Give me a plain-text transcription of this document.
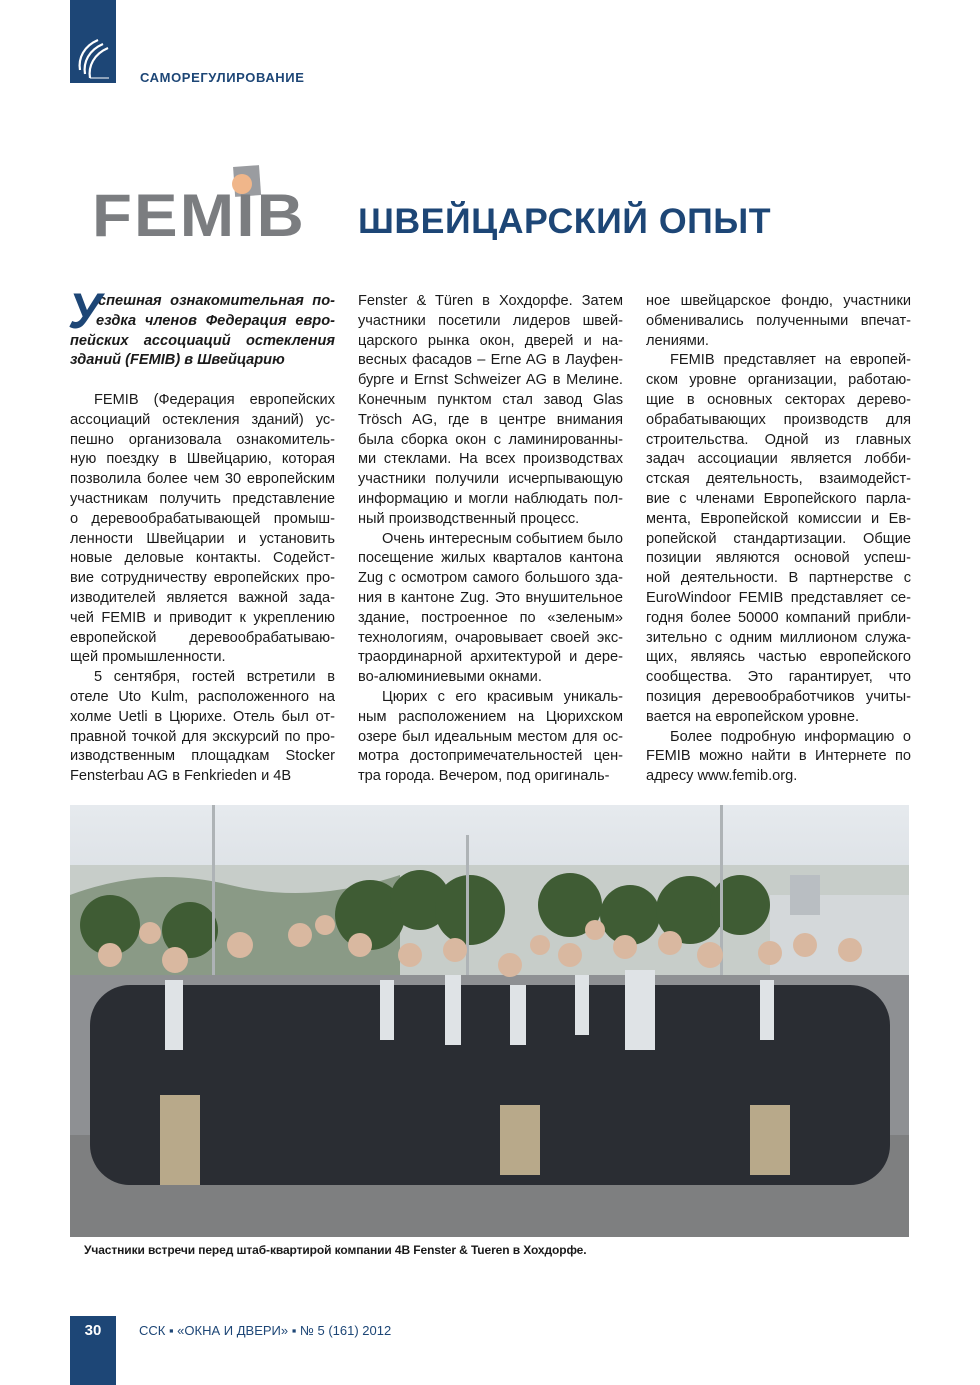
САМОРЕГУЛИРОВАНИЕ
FEMIB ШВЕЙЦАРСКИЙ ОПЫТ
У
спешная ознакомительная по-
ездка членов Федерация евро-
пейских ассоциаций остекления
зданий (FEMIB) в Швейцарию
FEMIB (Федерация европейских
ассоциаций остекления зданий) ус-
пешно организовала ознакомитель-
ную поездку в Швейцарию, которая
позволила более чем 30 европейским
участникам получить представление
о деревообрабатывающей промыш-
ленности Швейцарии и установить
новые деловые контакты. Содейст-
вие сотрудничеству европейских про-
изводителей является важной зада-
чей FEMIB и приводит к укреплению
европейской деревообрабатываю-
щей промышленности.
5 сентября, гостей встретили в
отеле Uto Kulm, расположенного на
холме Uetli в Цюрихе. Отель был от-
правной точкой для экскурсий по про-
изводственным площадкам Stocker
Fensterbau AG в Fenkrieden и 4B
Fenster & Türen в Хохдорфе. Затем
участники посетили лидеров швей-
царского рынка окон, дверей и на-
весных фасадов – Erne AG в Лауфен-
бурге и Ernst Schweizer AG в Мелине.
Конечным пунктом стал завод Glas
Trösch AG, где в центре внимания
была сборка окон с ламинированны-
ми стеклами. На всех производствах
участники получили исчерпывающую
информацию и могли наблюдать пол-
ный производственный процесс.
Очень интересным событием было
посещение жилых кварталов кантона
Zug с осмотром самого большого зда-
ния в кантоне Zug. Это внушительное
здание, построенное по «зеленым»
технологиям, очаровывает своей экс-
траординарной архитектурой и дере-
во-алюминиевыми окнами.
Цюрих с его красивым уникаль-
ным расположением на Цюрихском
озере был идеальным местом для ос-
мотра достопримечательностей цен-
тра города. Вечером, под оригиналь-
ное швейцарское фондю, участники
обменивались полученными впечат-
лениями.
FEMIB представляет на европей-
ском уровне организации, работаю-
щие в основных секторах дерево-
обрабатывающих производств для
строительства. Одной из главных
задач ассоциации является лобби-
стская деятельность, взаимодейст-
вие с членами Европейского парла-
мента, Европейской комиссии и Ев-
ропейской стандартизации. Общие
позиции являются основой успеш-
ной деятельности. В партнерстве с
EuroWindoor FEMIB представляет се-
годня более 50000 компаний прибли-
зительно с одним миллионом служа-
щих, являясь частью европейского
сообщества. Это гарантирует, что
позиция деревообработчиков учиты-
вается на европейском уровне.
Более подробную информацию о
FEMIB можно найти в Интернете по
адресу www.femib.org.
Участники встречи перед штаб-квартирой компании 4B Fenster & Tueren в Хохдорфе.
30	ССК ▪ «ОКНА И ДВЕРИ» ▪ № 5 (161) 2012
